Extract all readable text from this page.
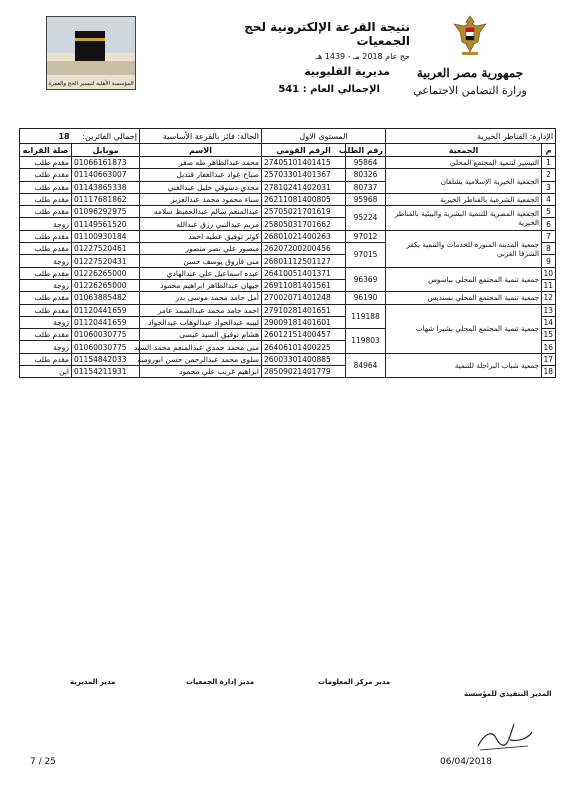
جمهورية مصر العربية
وزارة التضامن الاجتماعي
نتيجة القرعة الإلكترونية لحج الجمعيات
حج عام 2018 مـ - 1439 هـ
مديرية القليوبية
الإجمالي العام : 541
المؤسسة الأهلية لتيسير الحج والعمرة
الإدارة: القناطر الخيرية		المستوى الاول		الحالة: فائز بالقرعة الأساسية	إجمالي الفائزين:     18	
م	الجمعية	رقم الطلب	الرقم القومي	الاسم	موبايل	صلة القرابه
1	التيسير لتنمية المجتمع المحلي	95864	27405101401415	محمد عبدالظاهر طه صقر	01066161873	مقدم طلب
2	الجمعية الخيرية الإسلامية بشلقان	80326	25703301401367	صباح عواد عبدالغفار قنديل	01140663007	مقدم طلب
3		80737	27810241402031	مجدي دسوقي خليل عبدالغني	01143865338	مقدم طلب
4	الجمعية الشرعية بالقناطر الخيرية	95968	26211081400805	سناء محمود محمد عبدالعزيز	01117681862	مقدم طلب
5	الجمعية المصرية للتنمية البشرية والبيئية بالقناطر الخيرية	95224	25705021701619	عبدالمنعم سالم عبدالحفيظ سلامه	01096292975	مقدم طلب
6			25805031701662	مريم عبدالنبي رزق عبدالله	01149561520	زوجة
7	جمعية المدينة المنورة للخدمات والتنمية بكفر الشرفا الغربي	97012	26801021400263	كوثر توفيق عطيه احمد	01100930184	مقدم طلب
8		97015	26207200200456	منصور علي نصر منصور	01227520461	مقدم طلب
9			26801112501127	منى فاروق يوسف حسن	01227520431	زوجة
10	جمعية تنمية المجتمع المحلي بباسوس	96369	26410051401371	عبده اسماعيل علي عبدالهادي	01226265000	مقدم طلب
11			26911081401561	جيهان عبدالظاهر ابراهيم محمود	01226265000	زوجة
12	جمعية تنمية المجتمع المحلي بسنديس	96190	27002071401248	أمل حامد محمد موسى بدر	01063885482	مقدم طلب
13	جمعية تنمية المجتمع المحلي بشبرا شهاب	119188	27910281401651	احمد حامد محمد عبدالصمد عامر	01120441659	مقدم طلب
14			29009181401601	لبيبه عبدالجواد عبدالوهاب عبدالجواد	01120441659	زوجة
15		119803	26012151400457	هشام توفيق السيد عيسى	01060030775	مقدم طلب
16			26406101400225	منى محمد حمدي عبدالمنعم محمد السيد	01060030775	زوجة
17	جمعية شباب البراجلة للتنمية	84964	26003301400885	سلوى محمد عبدالرحمن حسن ابوروميه	01154842033	مقدم طلب
18			28509021401779	ابراهيم غريب علي محمود	01154211931	ابن
مدير المديرية	مدير إدارة الجمعيات	مدير مركز المعلومات
المدير التنفيذي للمؤسسة
7 / 25	06/04/2018
